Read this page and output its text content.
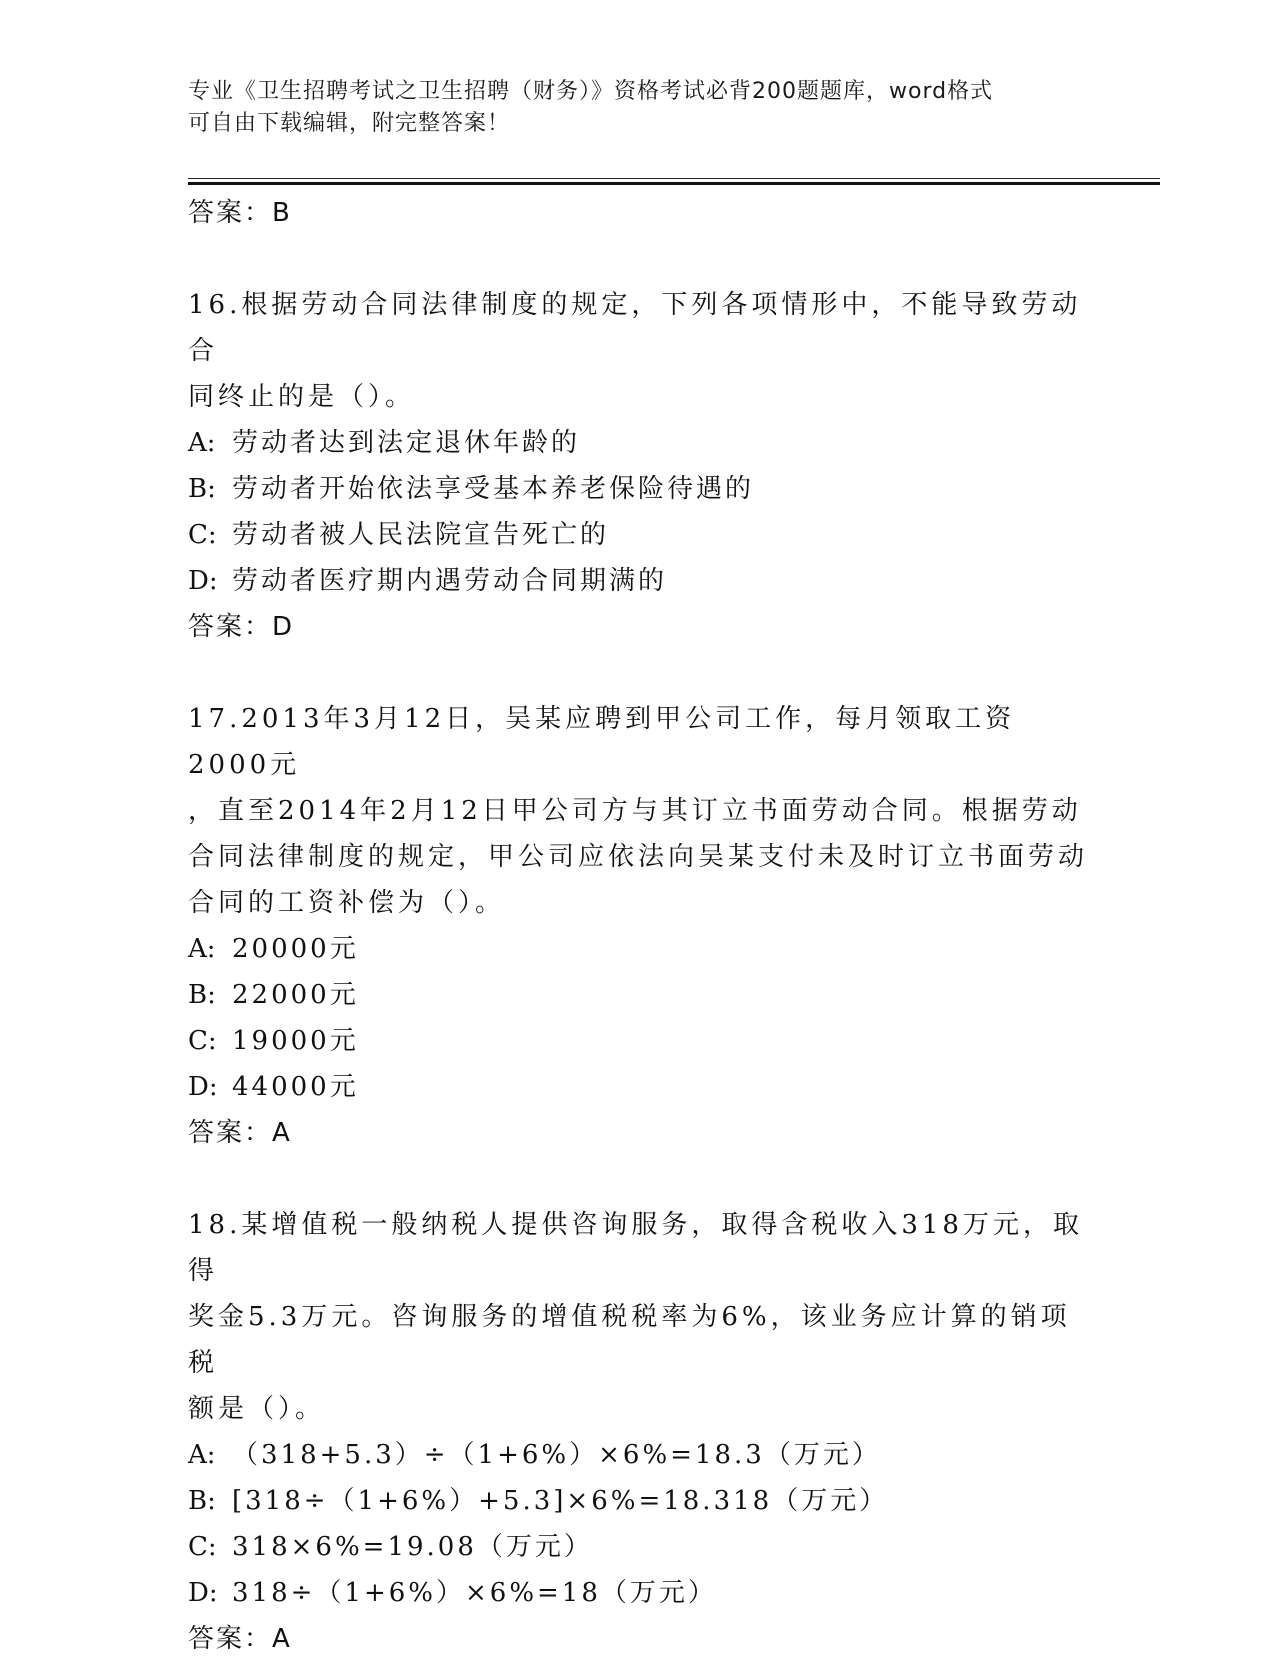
专业《卫生招聘考试之卫生招聘（财务）》资格考试必背200题题库，word格式
可自由下载编辑，附完整答案！

答案：B

16.根据劳动合同法律制度的规定，下列各项情形中，不能导致劳动合

同终止的是（）。

A: 劳动者达到法定退休年龄的

B: 劳动者开始依法享受基本养老保险待遇的

C: 劳动者被人民法院宣告死亡的

D: 劳动者医疗期内遇劳动合同期满的

答案：D

17.2013年3月12日，吴某应聘到甲公司工作，每月领取工资2000元

，直至2014年2月12日甲公司方与其订立书面劳动合同。根据劳动

合同法律制度的规定，甲公司应依法向吴某支付未及时订立书面劳动

合同的工资补偿为（）。

A: 20000元

B: 22000元

C: 19000元

D: 44000元

答案：A

18.某增值税一般纳税人提供咨询服务，取得含税收入318万元，取得

奖金5.3万元。咨询服务的增值税税率为6%，该业务应计算的销项税

额是（）。

A: （318+5.3）÷（1+6%）×6%=18.3（万元）

B: [318÷（1+6%）+5.3]×6%=18.318（万元）

C: 318×6%=19.08（万元）

D: 318÷（1+6%）×6%=18（万元）

答案：A
